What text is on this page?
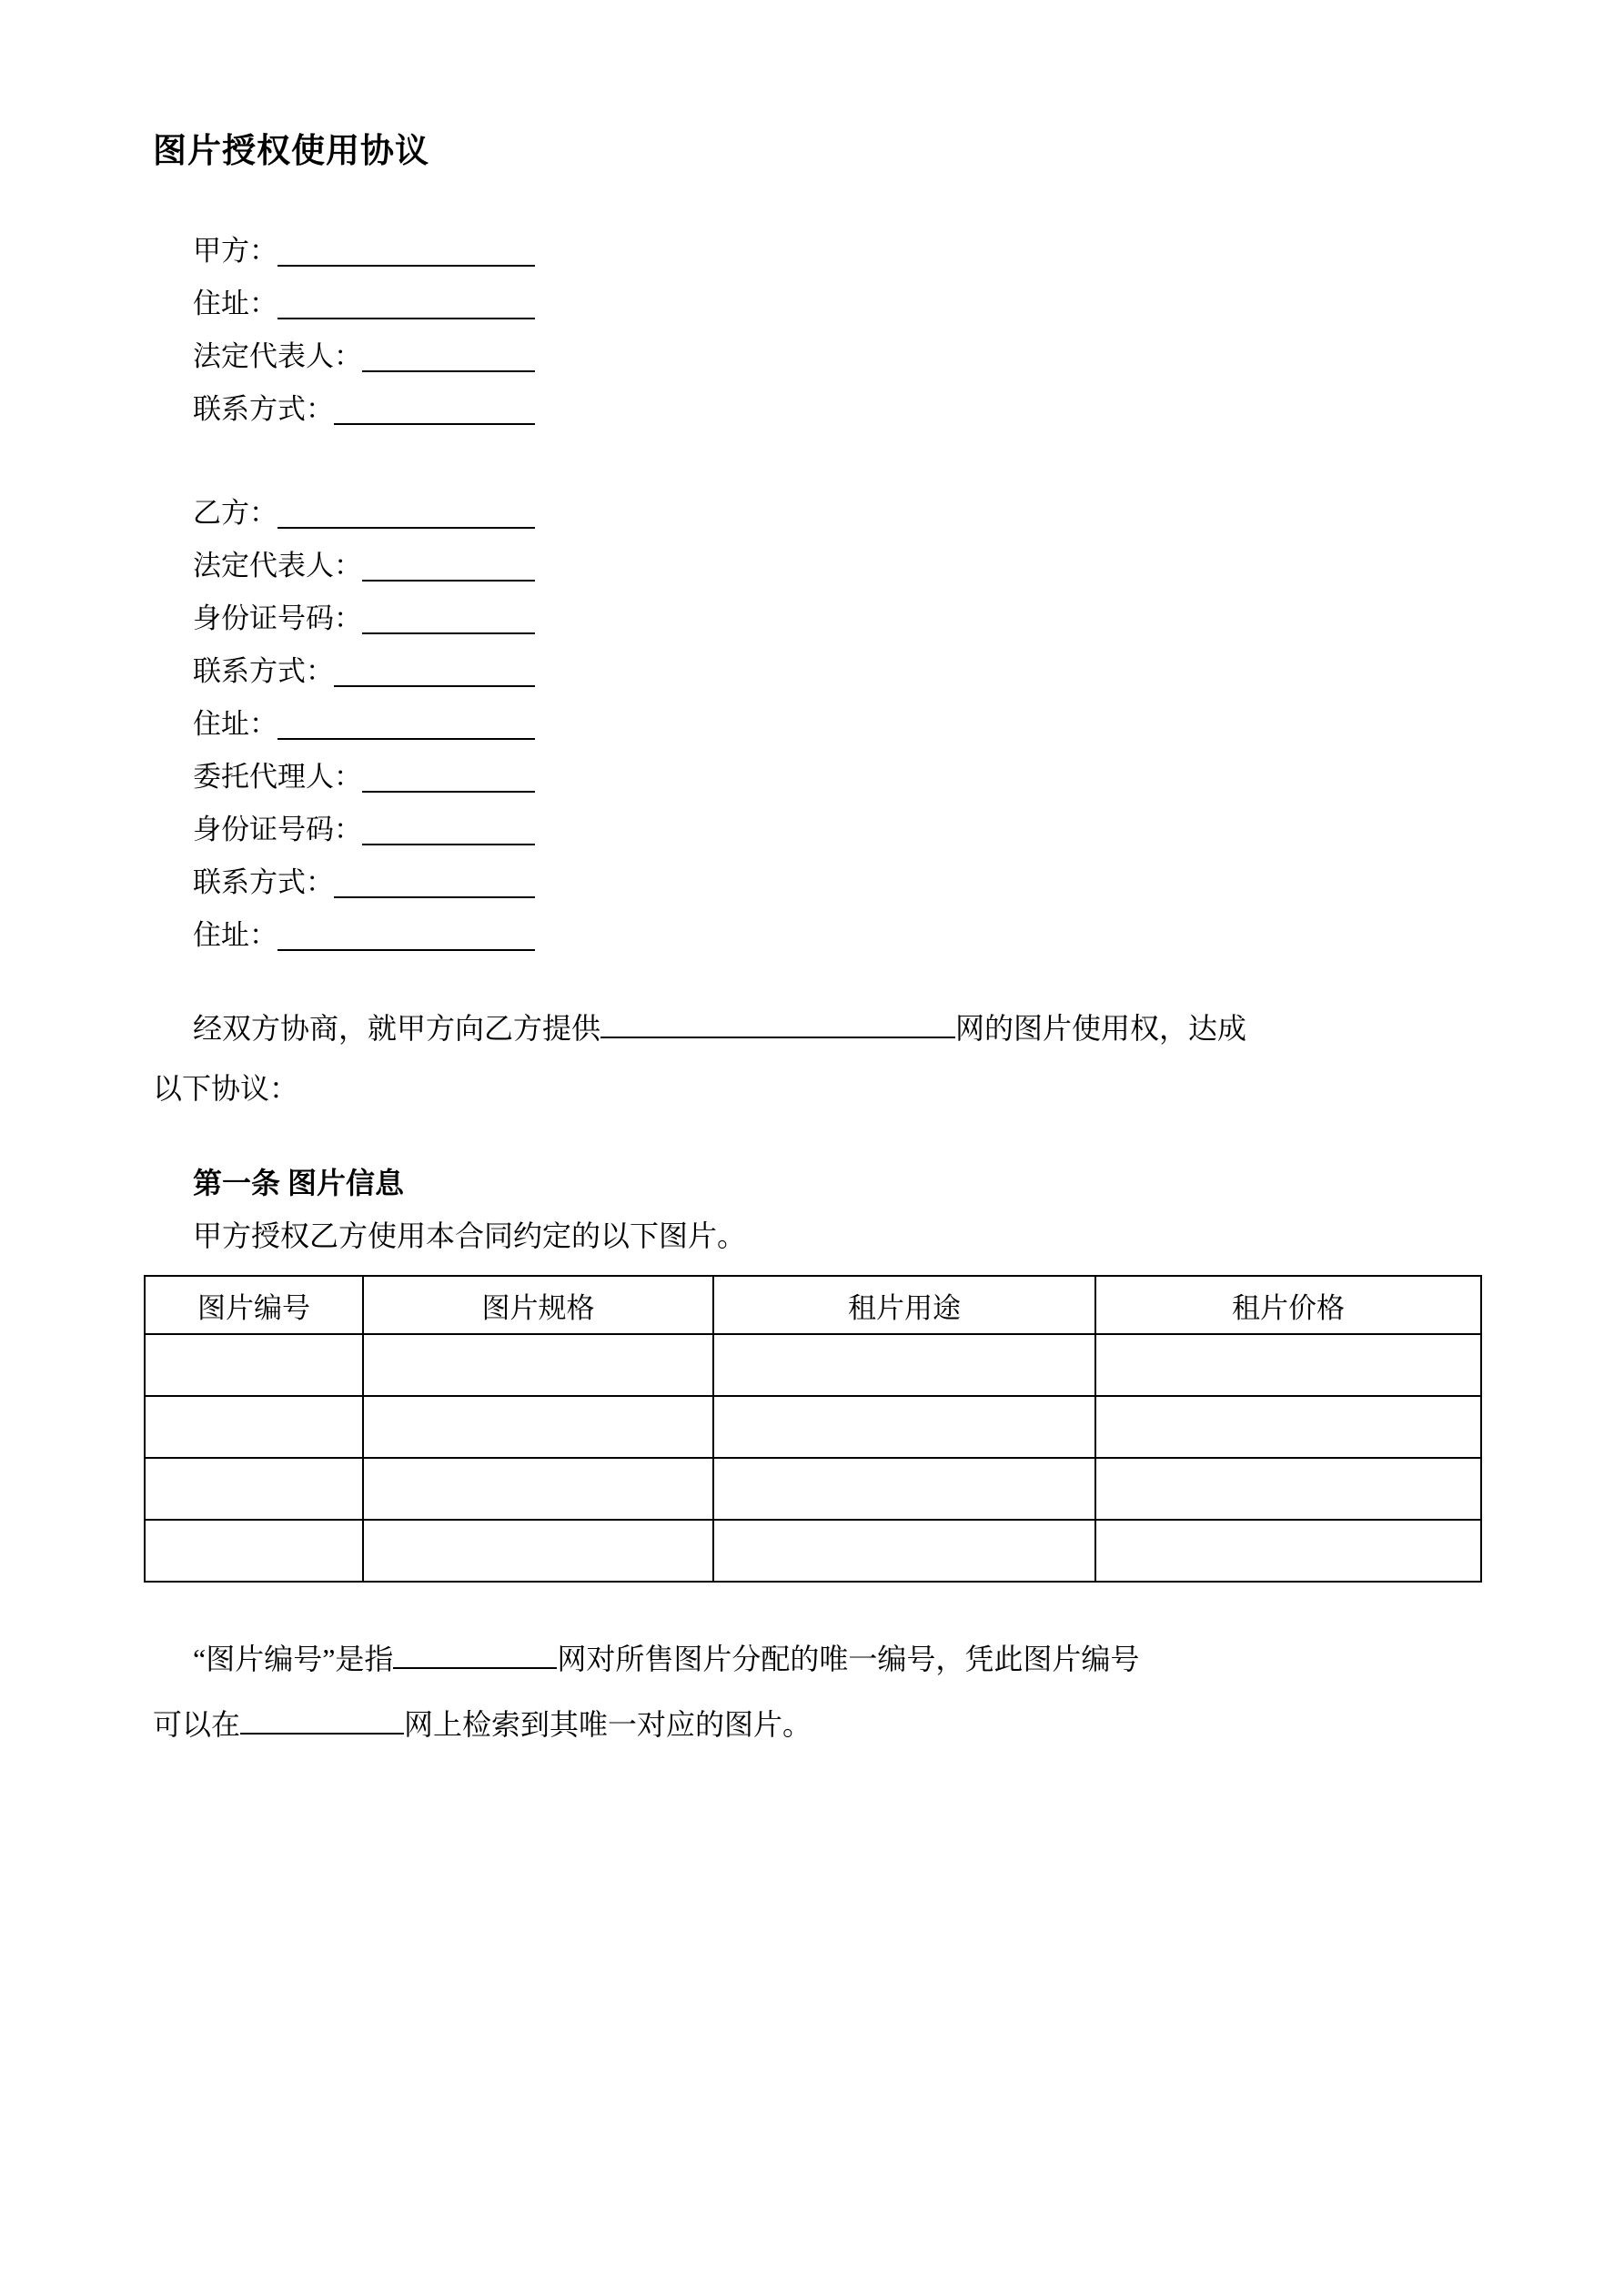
图片授权使用协议
甲方：
住址：
法定代表人：
联系方式：
乙方：
法定代表人：
身份证号码：
联系方式：
住址：
委托代理人：
身份证号码：
联系方式：
住址：
经双方协商，就甲方向乙方提供	网的图片使用权，达成
以下协议：
第一条 图片信息
甲方授权乙方使用本合同约定的以下图片。
图片编号	图片规格	租片用途	租片价格

“图片编号”是指	网对所售图片分配的唯一编号，凭此图片编号
可以在	网上检索到其唯一对应的图片。
